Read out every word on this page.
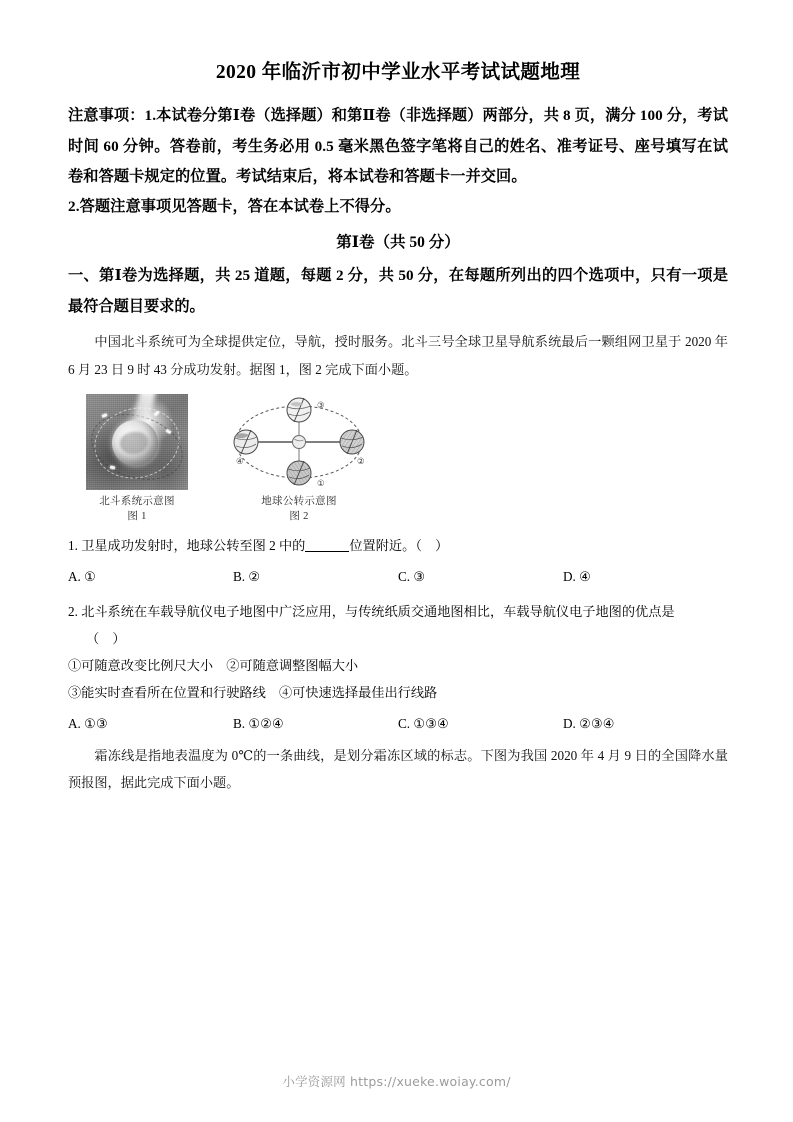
2020 年临沂市初中学业水平考试试题地理

注意事项：1.本试卷分第Ⅰ卷（选择题）和第Ⅱ卷（非选择题）两部分，共 8 页，满分 100 分，考试时间 60 分钟。答卷前，考生务必用 0.5 毫米黑色签字笔将自己的姓名、准考证号、座号填写在试卷和答题卡规定的位置。考试结束后，将本试卷和答题卡一并交回。

2.答题注意事项见答题卡，答在本试卷上不得分。

第Ⅰ卷（共 50 分）
一、第Ⅰ卷为选择题，共 25 道题，每题 2 分，共 50 分，在每题所列出的四个选项中，只有一项是最符合题目要求的。
中国北斗系统可为全球提供定位，导航，授时服务。北斗三号全球卫星导航系统最后一颗组网卫星于 2020 年 6 月 23 日 9 时 43 分成功发射。据图 1，图 2 完成下面小题。
北斗系统示意图
图 1
③
②
①
④
地球公转示意图
图 2

1. 卫星成功发射时，地球公转至图 2 中的	位置附近。（　）

A. ①	B. ②	C. ③	D. ④

2. 北斗系统在车载导航仪电子地图中广泛应用，与传统纸质交通地图相比，车载导航仪电子地图的优点是

（　）

①可随意改变比例尺大小　②可随意调整图幅大小

③能实时查看所在位置和行驶路线　④可快速选择最佳出行线路

A. ①③	B. ①②④	C. ①③④	D. ②③④
霜冻线是指地表温度为 0℃的一条曲线，是划分霜冻区域的标志。下图为我国 2020 年 4 月 9 日的全国降水量预报图，据此完成下面小题。
小学资源网 https://xueke.woiay.com/
